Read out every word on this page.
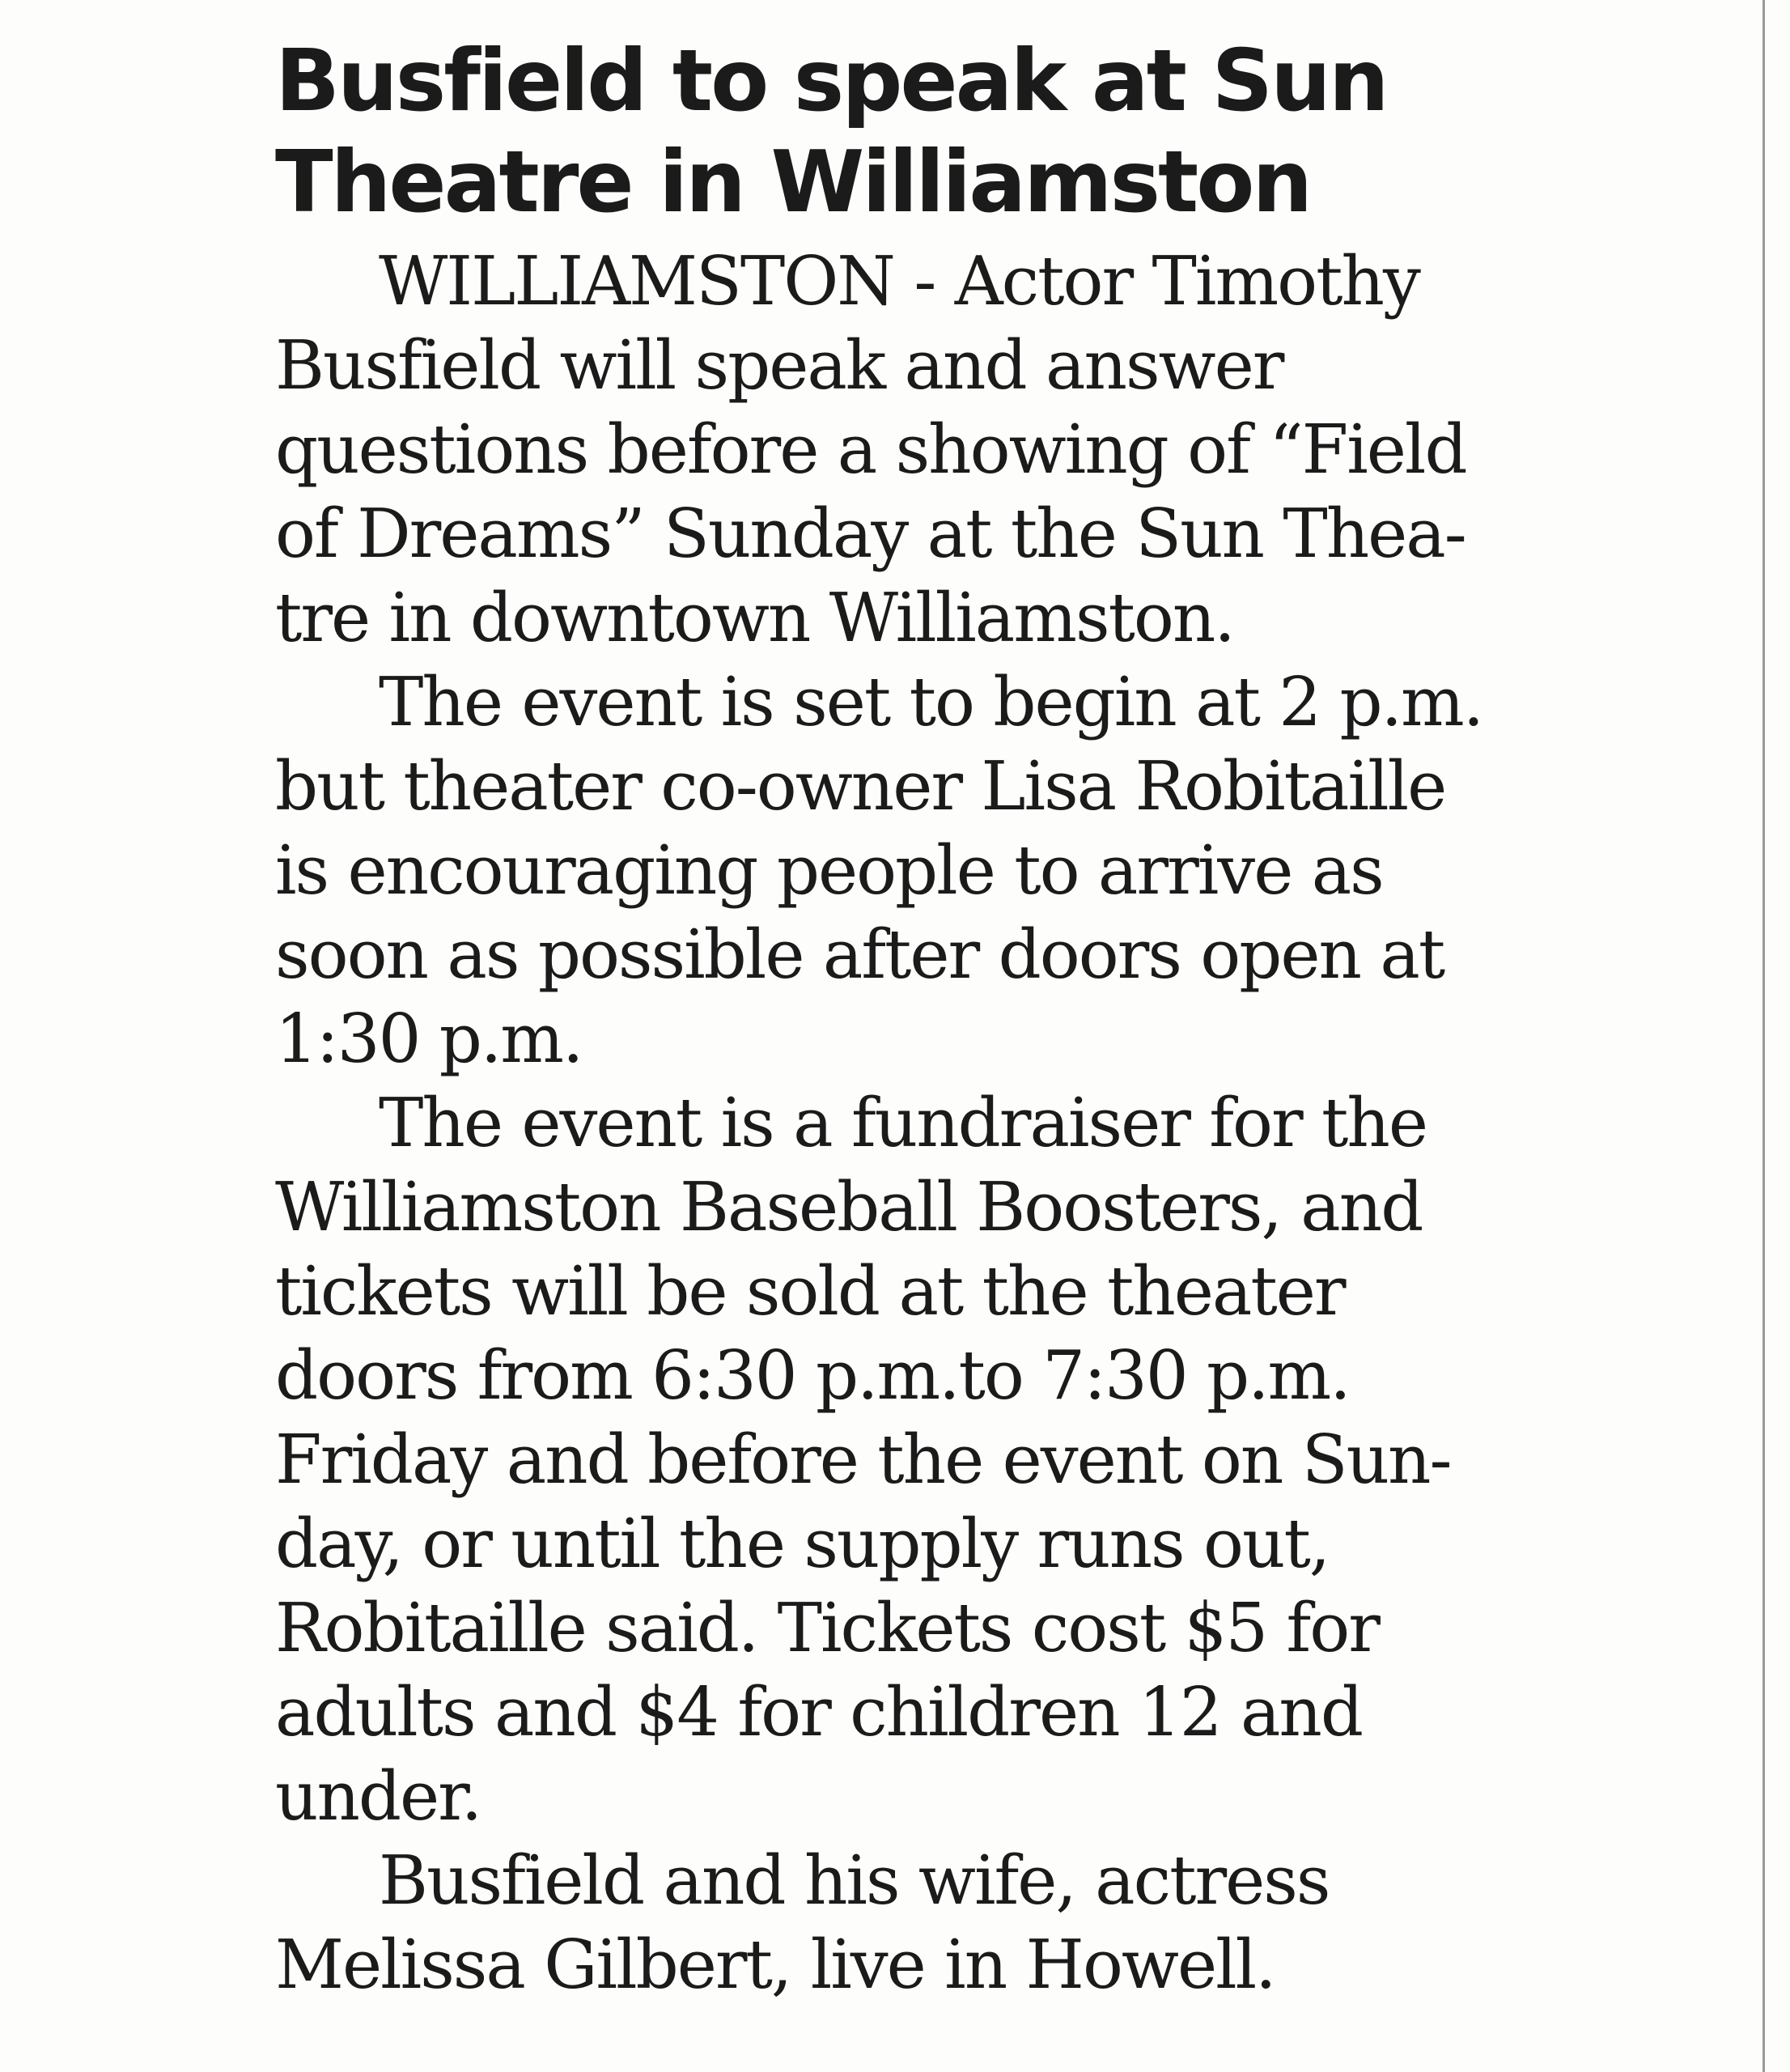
Busfield to speak at Sun
Theatre in Williamston

WILLIAMSTON - Actor Timothy
Busfield will speak and answer
questions before a showing of “Field
of Dreams” Sunday at the Sun Thea-
tre in downtown Williamston.

The event is set to begin at 2 p.m.
but theater co-owner Lisa Robitaille
is encouraging people to arrive as
soon as possible after doors open at
1:30 p.m.

The event is a fundraiser for the
Williamston Baseball Boosters, and
tickets will be sold at the theater
doors from 6:30 p.m.to 7:30 p.m.
Friday and before the event on Sun-
day, or until the supply runs out,
Robitaille said. Tickets cost $5 for
adults and $4 for children 12 and
under.

Busfield and his wife, actress
Melissa Gilbert, live in Howell.
